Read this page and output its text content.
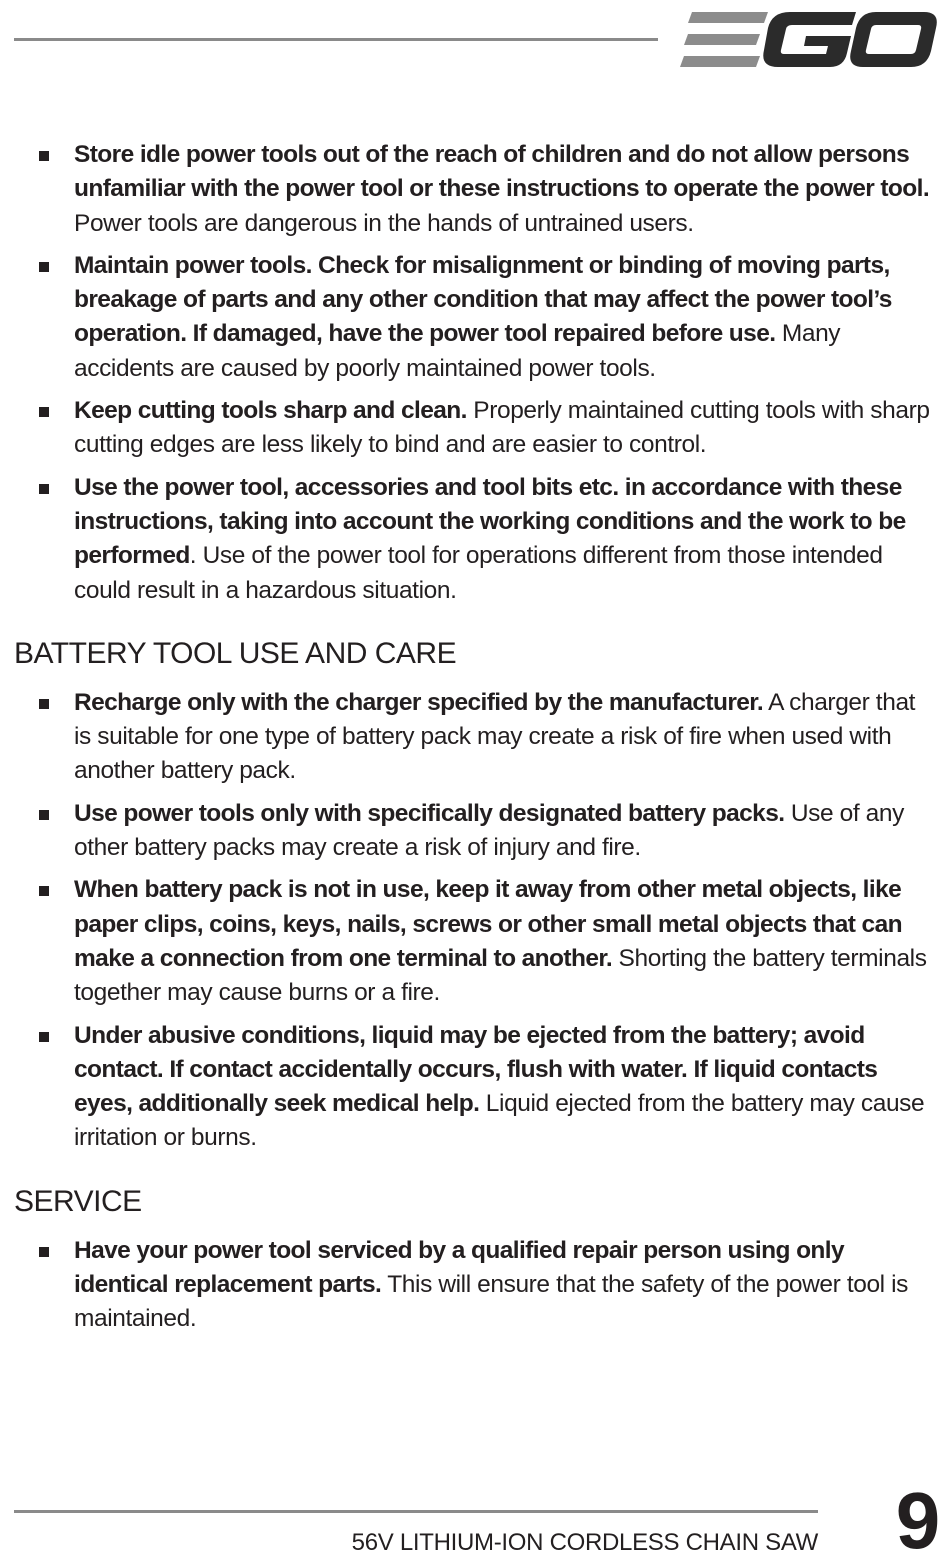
Store idle power tools out of the reach of children and do not allow persons unfamiliar with the power tool or these instructions to operate the power tool. Power tools are dangerous in the hands of untrained users.
Maintain power tools. Check for misalignment or binding of moving parts, breakage of parts and any other condition that may affect the power tool’s operation. If damaged, have the power tool repaired before use. Many accidents are caused by poorly maintained power tools.
Keep cutting tools sharp and clean. Properly maintained cutting tools with sharp cutting edges are less likely to bind and are easier to control.
Use the power tool, accessories and tool bits etc. in accordance with these instructions, taking into account the working conditions and the work to be performed. Use of the power tool for operations different from those intended could result in a hazardous situation.
BATTERY TOOL USE AND CARE
Recharge only with the charger specified by the manufacturer. A charger that is suitable for one type of battery pack may create a risk of fire when used with another battery pack.
Use power tools only with specifically designated battery packs. Use of any other battery packs may create a risk of injury and fire.
When battery pack is not in use, keep it away from other metal objects, like paper clips, coins, keys, nails, screws or other small metal objects that can make a connection from one terminal to another. Shorting the battery terminals together may cause burns or a fire.
Under abusive conditions, liquid may be ejected from the battery; avoid contact. If contact accidentally occurs, flush with water. If liquid contacts eyes, additionally seek medical help. Liquid ejected from the battery may cause irritation or burns.
SERVICE
Have your power tool serviced by a qualified repair person using only identical replacement parts. This will ensure that the safety of the power tool is maintained.
56V LITHIUM-ION CORDLESS CHAIN SAW 9
